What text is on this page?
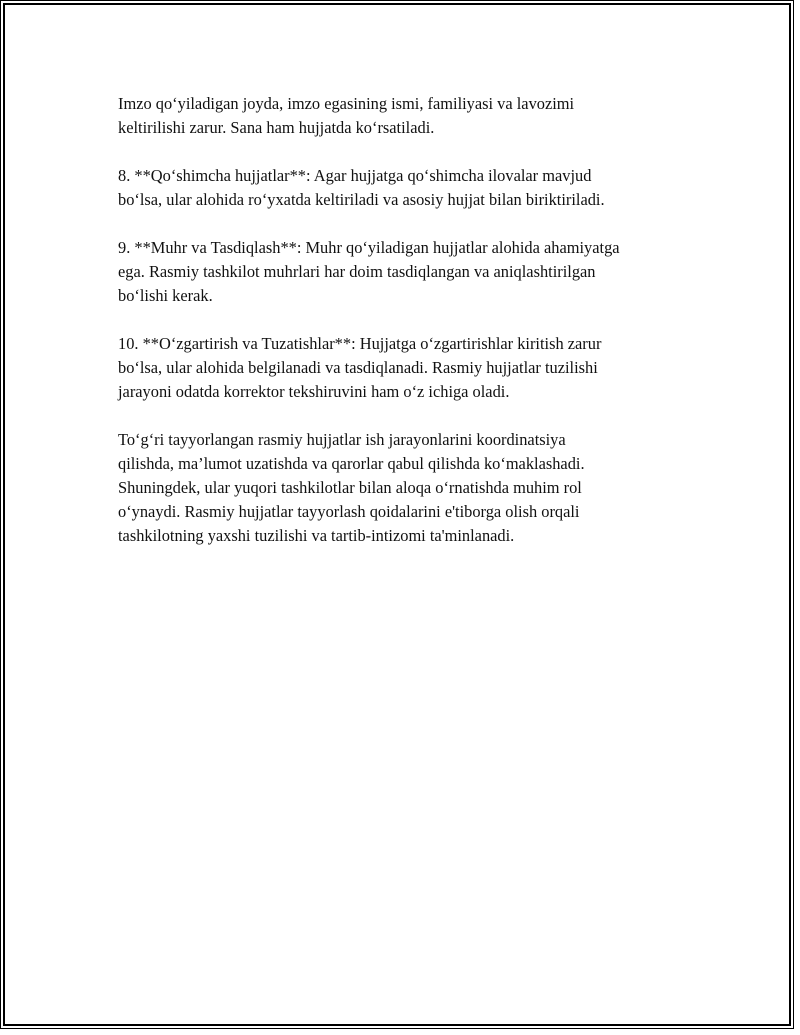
Imzo qo‘yiladigan joyda, imzo egasining ismi, familiyasi va lavozimi
keltirilishi zarur. Sana ham hujjatda ko‘rsatiladi.

8. **Qo‘shimcha hujjatlar**: Agar hujjatga qo‘shimcha ilovalar mavjud
bo‘lsa, ular alohida ro‘yxatda keltiriladi va asosiy hujjat bilan biriktiriladi.

9. **Muhr va Tasdiqlash**: Muhr qo‘yiladigan hujjatlar alohida ahamiyatga
ega. Rasmiy tashkilot muhrlari har doim tasdiqlangan va aniqlashtirilgan
bo‘lishi kerak.

10. **O‘zgartirish va Tuzatishlar**: Hujjatga o‘zgartirishlar kiritish zarur
bo‘lsa, ular alohida belgilanadi va tasdiqlanadi. Rasmiy hujjatlar tuzilishi
jarayoni odatda korrektor tekshiruvini ham o‘z ichiga oladi.

To‘g‘ri tayyorlangan rasmiy hujjatlar ish jarayonlarini koordinatsiya
qilishda, ma’lumot uzatishda va qarorlar qabul qilishda ko‘maklashadi.
Shuningdek, ular yuqori tashkilotlar bilan aloqa o‘rnatishda muhim rol
o‘ynaydi. Rasmiy hujjatlar tayyorlash qoidalarini e'tiborga olish orqali
tashkilotning yaxshi tuzilishi va tartib-intizomi ta'minlanadi.
